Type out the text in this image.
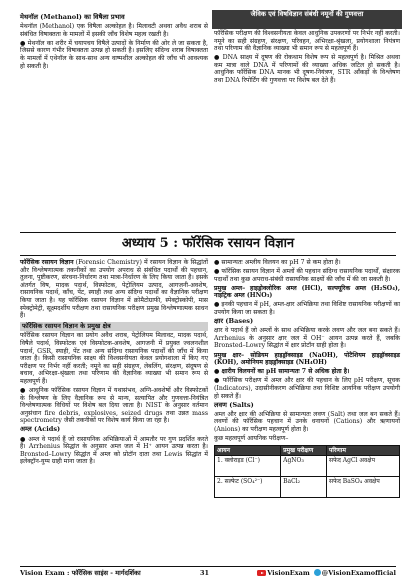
मेथनॉल (Methanol) का विषैला प्रभाव

मेथनॉल (Methanol) एक विषैला अल्कोहल है। मिलावटी अथवा अवैध शराब से संबंधित विषाक्तता के मामलों में इसकी जाँच विशेष महत्व रखती है।

● मेथनॉल का शरीर में चयापचय विषैले उत्पादों के निर्माण की ओर ले जा सकता है, जिससे कारण गंभीर विषाक्तता उत्पन्न हो सकती है। इसलिए संदिग्ध शराब विषाक्तता के मामलों में एथेनॉल के साथ-साथ अन्य वाष्पशील अल्कोहल की जाँच भी आवश्यक हो सकती है।

जैविक एवं विषविज्ञान संबंधी नमूनों की गुणवत्ता

फॉरेंसिक परीक्षण की विश्वसनीयता केवल आधुनिक उपकरणों पर निर्भर नहीं करती। नमूने का सही संग्रहण, संरक्षण, परिवहन, अभिरक्षा-श्रृंखला, प्रयोगशाला नियंत्रण तथा परिणाम की वैज्ञानिक व्याख्या भी समान रूप से महत्वपूर्ण हैं।

● DNA साक्ष्य में दूषण की रोकथाम विशेष रूप से महत्वपूर्ण है। मिश्रित अथवा कम मात्रा वाले DNA में परिणामों की व्याख्या अधिक जटिल हो सकती है। आधुनिक फॉरेंसिक DNA मानक भी दूषण-नियंत्रण, STR आँकड़ों के विश्लेषण तथा DNA रिपोर्टिंग की गुणवत्ता पर विशेष बल देते हैं।

अध्याय 5 : फॉरेंसिक रसायन विज्ञान

फॉरेंसिक रसायन विज्ञान (Forensic Chemistry) में रसायन विज्ञान के सिद्धांतों और विश्लेषणात्मक तकनीकों का उपयोग अपराध से संबंधित पदार्थों की पहचान, तुलना, पुष्टीकरण, संरचना-निर्धारण तथा मात्रा-निर्धारण के लिए किया जाता है। इसके अंतर्गत विष, मादक पदार्थ, विस्फोटक, पेट्रोलियम उत्पाद, आगजनी-अवशेष, रासायनिक पदार्थ, काँच, पेंट, स्याही तथा अन्य संदिग्ध पदार्थों का वैज्ञानिक परीक्षण किया जाता है। यह फॉरेंसिक रसायन विज्ञान में क्रोमैटोग्राफी, स्पेक्ट्रोस्कोपी, मास स्पेक्ट्रोमेट्री, सूक्ष्मदर्शीय परीक्षण तथा रासायनिक परीक्षण प्रमुख विश्लेषणात्मक साधन हैं।

फॉरेंसिक रसायन विज्ञान के प्रमुख क्षेत्र

फॉरेंसिक रसायन विज्ञान का प्रयोग अवैध शराब, पेट्रोलियम मिलावट, मादक पदार्थ, विषैले पदार्थ, विस्फोटक एवं विस्फोटक-अवशेष, आगजनी में प्रयुक्त ज्वलनशील पदार्थ, GSR, स्याही, पेंट तथा अन्य संदिग्ध रासायनिक पदार्थों की जाँच में किया जाता है। किसी रासायनिक साक्ष्य की विश्वसनीयता केवल प्रयोगशाला में किए गए परीक्षण पर निर्भर नहीं करती; नमूने का सही संग्रहण, लेबलिंग, संरक्षण, संदूषण से बचाव, अभिरक्षा-श्रृंखला तथा परिणाम की वैज्ञानिक व्याख्या भी समान रूप से महत्वपूर्ण हैं।

● आधुनिक फॉरेंसिक रसायन विज्ञान में यथासंभव, अग्नि-अवशेषों और विस्फोटकों के विश्लेषण के लिए वैज्ञानिक रूप से मान्य, सत्यापित और गुणवत्ता-नियंत्रित विश्लेषणात्मक विधियों पर विशेष बल दिया जाता है। NIST के अनुसार वर्तमान अनुसंधान fire debris, explosives, seized drugs तथा उन्नत mass spectrometry जैसी तकनीकों पर विशेष कार्य किया जा रहा है।

अम्ल (Acids)

● अम्ल वे पदार्थ हैं जो रासायनिक अभिक्रियाओं में आमतौर पर गुण प्रदर्शित करते हैं। Arrhenius सिद्धांत के अनुसार अम्ल जल में H⁺ आयन उत्पन्न करता है। Bronsted–Lowry सिद्धांत में अम्ल को प्रोटॉन दाता तथा Lewis सिद्धांत में इलेक्ट्रॉन-युग्म ग्राही माना जाता है।

● सामान्यतः अम्लीय विलयन का pH 7 से कम होता है।

● फॉरेंसिक रसायन विज्ञान में अम्लों की पहचान संदिग्ध रासायनिक पदार्थों, संक्षारक पदार्थों तथा कुछ अपराध-संबंधी रासायनिक साक्ष्यों की जाँच में की जा सकती है।

प्रमुख अम्ल– हाइड्रोक्लोरिक अम्ल (HCl), सल्फ्यूरिक अम्ल (H₂SO₄), नाइट्रिक अम्ल (HNO₃)

● इनकी पहचान में pH, अम्ल-क्षार अभिक्रिया तथा विशिष्ट रासायनिक परीक्षणों का उपयोग किया जा सकता है।

क्षार (Bases)

क्षार वे पदार्थ हैं जो अम्लों के साथ अभिक्रिया करके लवण और जल बना सकते हैं। Arrhenius के अनुसार क्षार जल में OH⁻ आयन उत्पन्न करते हैं, जबकि Bronsted–Lowry सिद्धांत में क्षार प्रोटॉन ग्राही होता है।

प्रमुख क्षार– सोडियम हाइड्रॉक्साइड (NaOH), पोटैशियम हाइड्रॉक्साइड (KOH), अमोनियम हाइड्रॉक्साइड (NH₄OH)

● क्षारीय विलयनों का pH सामान्यतः 7 से अधिक होता है।

● फॉरेंसिक परीक्षण में अम्ल और क्षार की पहचान के लिए pH परीक्षण, सूचक (Indicators), उदासीनीकरण अभिक्रिया तथा विशिष्ट आयनिक परीक्षण उपयोगी हो सकते हैं।

लवण (Salts)

अम्ल और क्षार की अभिक्रिया से सामान्यतः लवण (Salt) तथा जल बन सकते हैं। लवणों की फॉरेंसिक पहचान में उनके धनायनों (Cations) और ऋणायनों (Anions) का परीक्षण महत्वपूर्ण होता है।

कुछ महत्वपूर्ण आयनिक परीक्षण–

आयन	प्रमुख परीक्षण	परिणाम
1. क्लोराइड (Cl⁻)	AgNO₃	सफेद AgCl अवक्षेप
2. सल्फेट (SO₄²⁻)	BaCl₂	सफेद BaSO₄ अवक्षेप
Vision Exam : फॉरेंसिक साइंस - मार्गदर्शिका	31	VisionExam @VisionExamofficial
